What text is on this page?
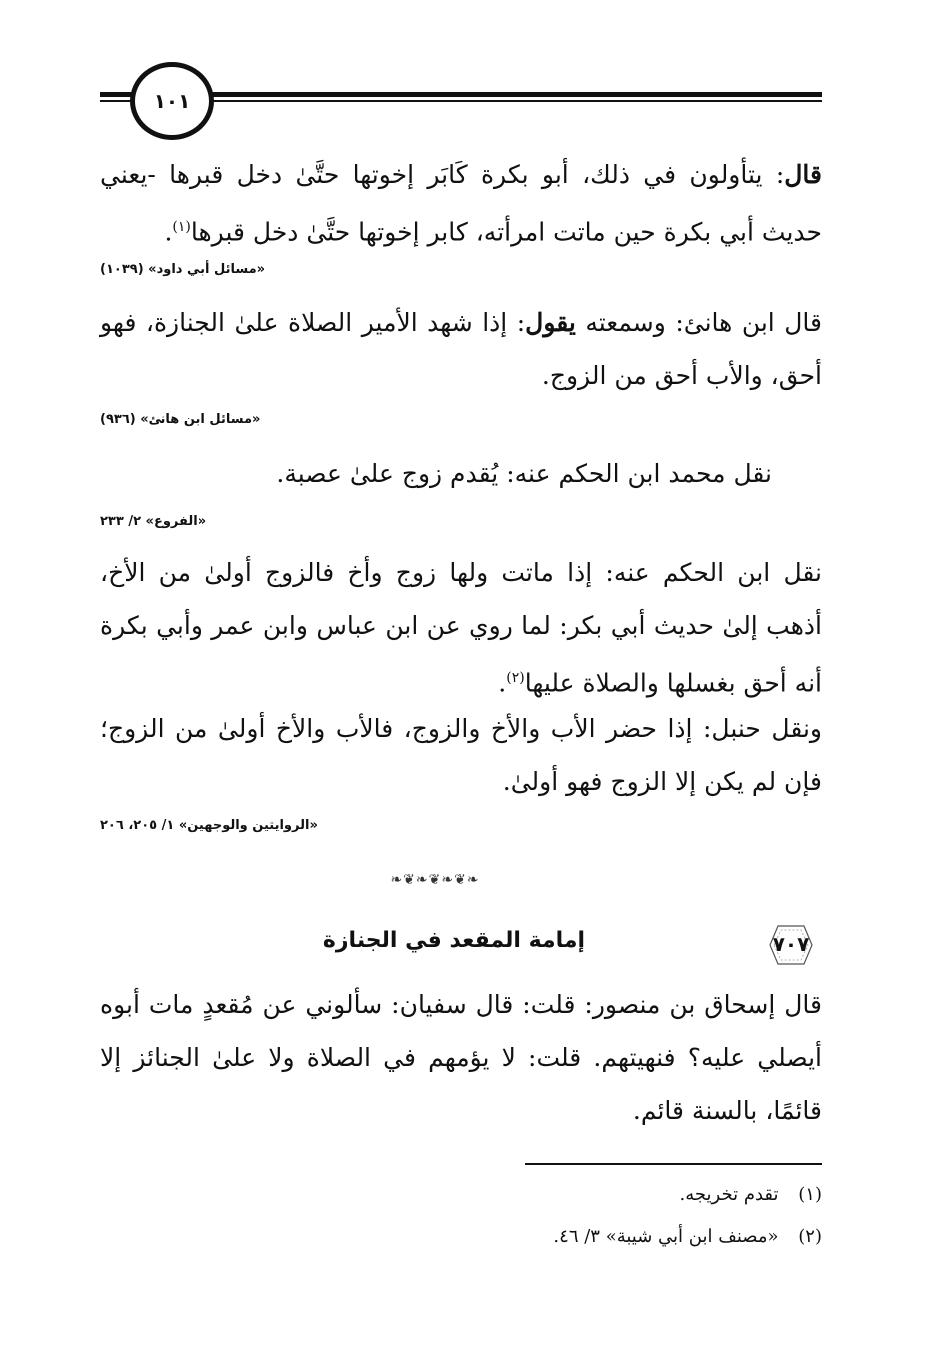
١٠١
قال: يتأولون في ذلك، أبو بكرة كَابَر إخوتها حتَّىٰ دخل قبرها -يعني حديث أبي بكرة حين ماتت امرأته، كابر إخوتها حتَّىٰ دخل قبرها$^{(١)}$.
«مسائل أبي داود» (١٠٣٩)
قال ابن هانئ: وسمعته يقول: إذا شهد الأمير الصلاة علىٰ الجنازة، فهو أحق، والأب أحق من الزوج.
«مسائل ابن هانئ» (٩٣٦)
نقل محمد ابن الحكم عنه: يُقدم زوج علىٰ عصبة.
«الفروع» ٢/ ٢٣٣
نقل ابن الحكم عنه: إذا ماتت ولها زوج وأخ فالزوج أولىٰ من الأخ، أذهب إلىٰ حديث أبي بكر: لما روي عن ابن عباس وابن عمر وأبي بكرة أنه أحق بغسلها والصلاة عليها$^{(٢)}$.
ونقل حنبل: إذا حضر الأب والأخ والزوج، فالأب والأخ أولىٰ من الزوج؛ فإن لم يكن إلا الزوج فهو أولىٰ.
«الروايتين والوجهين» ١/ ٢٠٥، ٢٠٦
❧❦❧❦❧❦❧
٧٠٧
إمامة المقعد في الجنازة
قال إسحاق بن منصور: قلت: قال سفيان: سألوني عن مُقعدٍ مات أبوه أيصلي عليه؟ فنهيتهم. قلت: لا يؤمهم في الصلاة ولا علىٰ الجنائز إلا قائمًا، بالسنة قائم.
(١) تقدم تخريجه.
(٢) «مصنف ابن أبي شيبة» ٣/ ٤٦.
